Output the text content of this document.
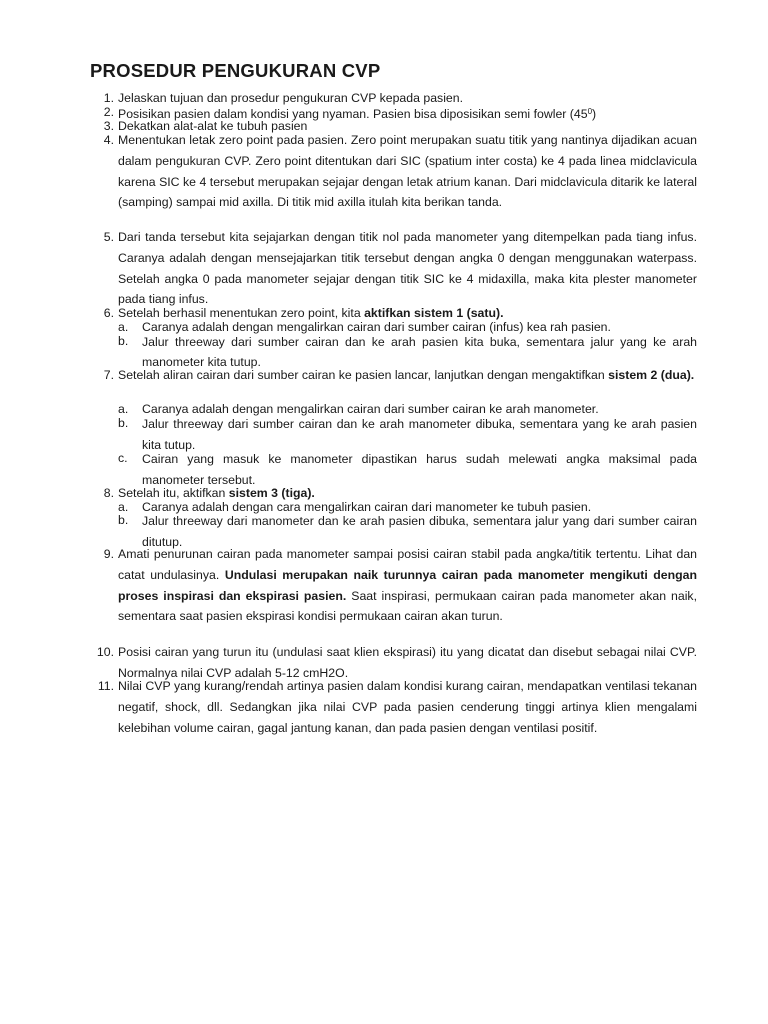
PROSEDUR PENGUKURAN CVP
1. Jelaskan tujuan dan prosedur pengukuran CVP kepada pasien.
2. Posisikan pasien dalam kondisi yang nyaman. Pasien bisa diposisikan semi fowler $(45^0)$
3. Dekatkan alat-alat ke tubuh pasien
4. Menentukan letak zero point pada pasien. Zero point merupakan suatu titik yang nantinya dijadikan acuan dalam pengukuran CVP. Zero point ditentukan dari SIC (spatium inter costa) ke 4 pada linea midclavicula karena SIC ke 4 tersebut merupakan sejajar dengan letak atrium kanan. Dari midclavicula ditarik ke lateral (samping) sampai mid axilla. Di titik mid axilla itulah kita berikan tanda.
5. Dari tanda tersebut kita sejajarkan dengan titik nol pada manometer yang ditempelkan pada tiang infus. Caranya adalah dengan mensejajarkan titik tersebut dengan angka 0 dengan menggunakan waterpass. Setelah angka 0 pada manometer sejajar dengan titik SIC ke 4 midaxilla, maka kita plester manometer pada tiang infus.
6. Setelah berhasil menentukan zero point, kita aktifkan sistem 1 (satu).
a.	Caranya adalah dengan mengalirkan cairan dari sumber cairan (infus) kea rah pasien.
b.	Jalur threeway dari sumber cairan dan ke arah pasien kita buka, sementara jalur yang ke arah manometer kita tutup.
7. Setelah aliran cairan dari sumber cairan ke pasien lancar, lanjutkan dengan mengaktifkan sistem 2 (dua).
a.	Caranya adalah dengan mengalirkan cairan dari sumber cairan ke arah manometer.
b.	Jalur threeway dari sumber cairan dan ke arah manometer dibuka, sementara yang ke arah pasien kita tutup.
c.	Cairan yang masuk ke manometer dipastikan harus sudah melewati angka maksimal pada manometer tersebut.
8. Setelah itu, aktifkan sistem 3 (tiga).
a.	Caranya adalah dengan cara mengalirkan cairan dari manometer ke tubuh pasien.
b.	Jalur threeway dari manometer dan ke arah pasien dibuka, sementara jalur yang dari sumber cairan ditutup.
9. Amati penurunan cairan pada manometer sampai posisi cairan stabil pada angka/titik tertentu. Lihat dan catat undulasinya. Undulasi merupakan naik turunnya cairan pada manometer mengikuti dengan proses inspirasi dan ekspirasi pasien. Saat inspirasi, permukaan cairan pada manometer akan naik, sementara saat pasien ekspirasi kondisi permukaan cairan akan turun.
10. Posisi cairan yang turun itu (undulasi saat klien ekspirasi) itu yang dicatat dan disebut sebagai nilai CVP. Normalnya nilai CVP adalah 5-12 cmH2O.
11. Nilai CVP yang kurang/rendah artinya pasien dalam kondisi kurang cairan, mendapatkan ventilasi tekanan negatif, shock, dll. Sedangkan jika nilai CVP pada pasien cenderung tinggi artinya klien mengalami kelebihan volume cairan, gagal jantung kanan, dan pada pasien dengan ventilasi positif.
